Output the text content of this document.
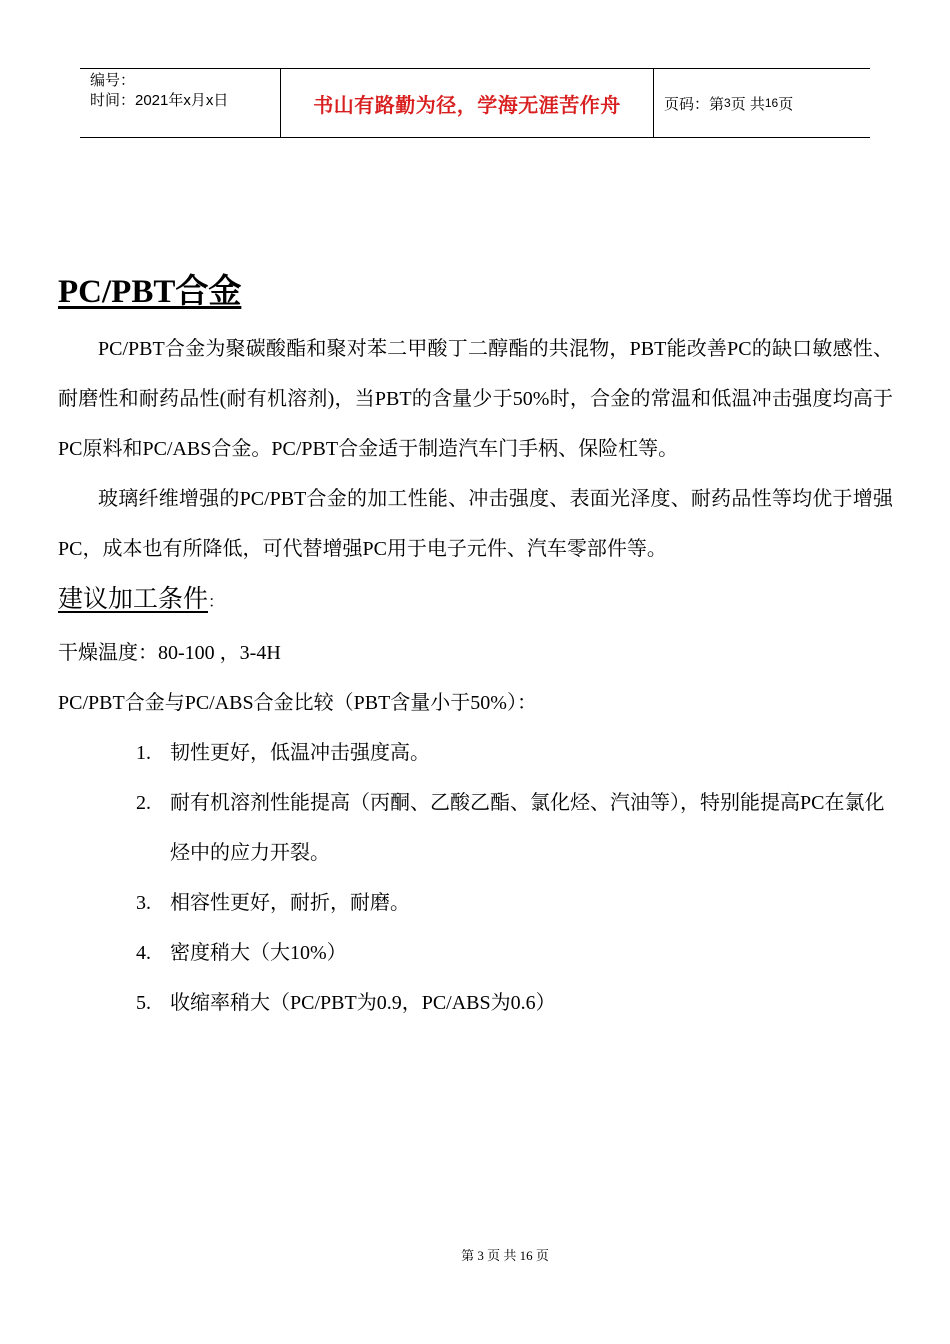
编号：
时间：2021年x月x日	书山有路勤为径，学海无涯苦作舟	页码：第 3 页 共 16 页
PC/PBT合金

PC/PBT合金为聚碳酸酯和聚对苯二甲酸丁二醇酯的共混物，PBT能改善PC的缺口敏感性、耐磨性和耐药品性(耐有机溶剂)，当PBT的含量少于50%时，合金的常温和低温冲击强度均高于PC原料和PC/ABS合金。PC/PBT合金适于制造汽车门手柄、保险杠等。

玻璃纤维增强的PC/PBT合金的加工性能、冲击强度、表面光泽度、耐药品性等均优于增强PC，成本也有所降低，可代替增强PC用于电子元件、汽车零部件等。

建议加工条件：

干燥温度：80-100 ，3-4H

PC/PBT合金与PC/ABS合金比较（PBT含量小于50%）：

1. 韧性更好，低温冲击强度高。
2. 耐有机溶剂性能提高（丙酮、乙酸乙酯、氯化烃、汽油等），特别能提高PC在氯化烃中的应力开裂。
3. 相容性更好，耐折，耐磨。
4. 密度稍大（大10%）
5. 收缩率稍大（PC/PBT为0.9，PC/ABS为0.6）
第 3 页 共 16 页
